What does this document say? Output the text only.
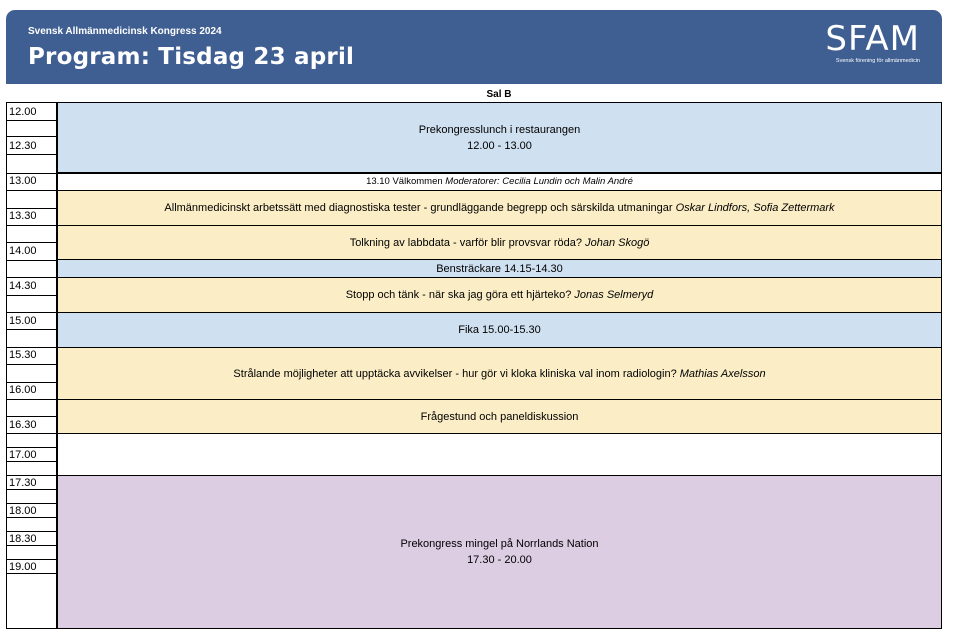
Svensk Allmänmedicinsk Kongress 2024
Program: Tisdag 23 april	SFAM
Svensk förening för allmänmedicin
Sal B
12.00
12.30
13.00
13.30
14.00
14.30
15.00
15.30
16.00
16.30
17.00
17.30
18.00
18.30
19.00
Prekongresslunch i restaurangen
12.00 - 13.00
13.10 Välkommen
Moderatorer: Cecilia Lundin och Malin André
Allmänmedicinskt arbetssätt med diagnostiska tester - grundläggande begrepp och särskilda utmaningar
Oskar Lindfors, Sofia Zettermark
Tolkning av labbdata - varför blir provsvar röda?
Johan Skogö
Bensträckare 14.15-14.30
Stopp och tänk - när ska jag göra ett hjärteko?
Jonas Selmeryd
Fika 15.00-15.30
Strålande möjligheter att upptäcka avvikelser - hur gör vi kloka kliniska val inom radiologin?
Mathias Axelsson
Frågestund och paneldiskussion
Prekongress mingel på Norrlands Nation
17.30 - 20.00
